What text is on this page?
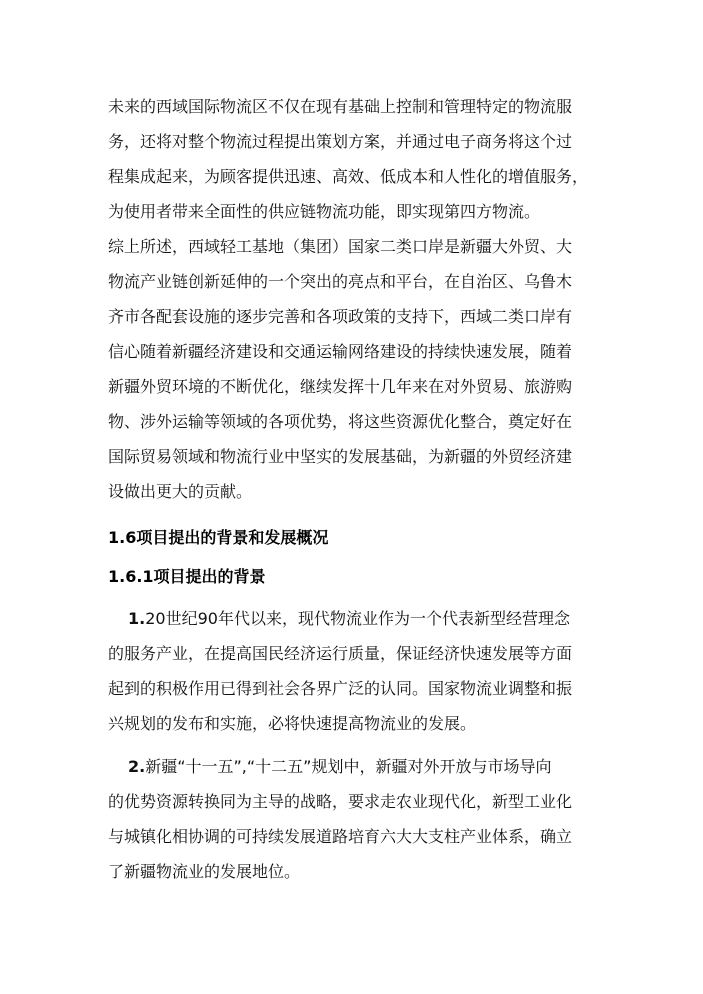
未来的西域国际物流区不仅在现有基础上控制和管理特定的物流服
务，还将对整个物流过程提出策划方案，并通过电子商务将这个过
程集成起来，为顾客提供迅速、高效、低成本和人性化的增值服务，
为使用者带来全面性的供应链物流功能，即实现第四方物流。
综上所述，西域轻工基地（集团）国家二类口岸是新疆大外贸、大
物流产业链创新延伸的一个突出的亮点和平台，在自治区、乌鲁木
齐市各配套设施的逐步完善和各项政策的支持下，西域二类口岸有
信心随着新疆经济建设和交通运输网络建设的持续快速发展，随着
新疆外贸环境的不断优化，继续发挥十几年来在对外贸易、旅游购
物、涉外运输等领域的各项优势，将这些资源优化整合，奠定好在
国际贸易领域和物流行业中坚实的发展基础，为新疆的外贸经济建
设做出更大的贡献。
1.6项目提出的背景和发展概况
1.6.1项目提出的背景
1.20世纪90年代以来，现代物流业作为一个代表新型经营理念
的服务产业，在提高国民经济运行质量，保证经济快速发展等方面
起到的积极作用已得到社会各界广泛的认同。国家物流业调整和振
兴规划的发布和实施，必将快速提高物流业的发展。
2.新疆“十一五”,“十二五”规划中，新疆对外开放与市场导向
的优势资源转换同为主导的战略，要求走农业现代化，新型工业化
与城镇化相协调的可持续发展道路培育六大大支柱产业体系，确立
了新疆物流业的发展地位。
